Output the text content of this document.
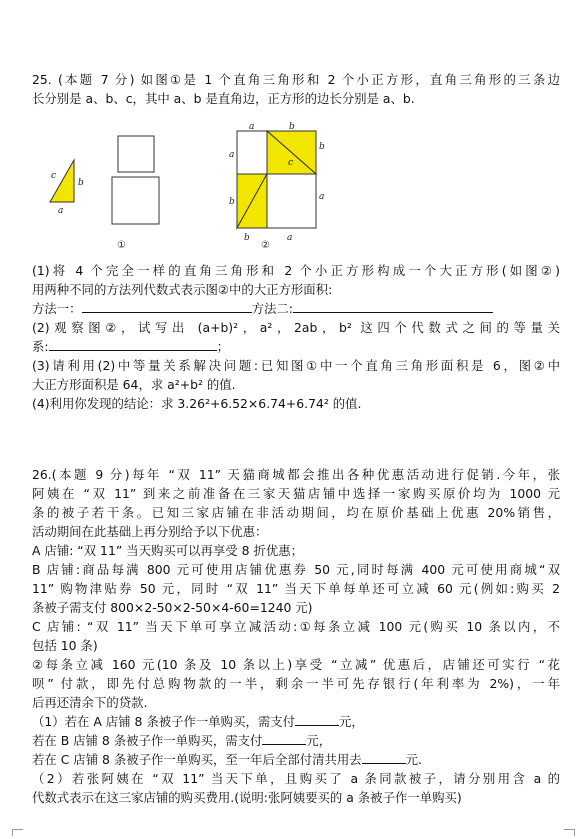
25. (本题 7 分) 如图①是 1 个直角三角形和 2 个小正方形，直角三角形的三条边
长分别是 a、b、c，其中 a、b 是直角边，正方形的边长分别是 a、b.
c
b
a
①
a	b
a
b
b
a
c
b	a
②
(1)将 4 个完全一样的直角三角形和 2 个小正方形构成一个大正方形(如图②)
用两种不同的方法列代数式表示图②中的大正方形面积:
方法一：	方法二:
(2)观察图②，试写出 (a+b)²，a²，2ab，b² 这四个代数式之间的等量关
系:	；
(3)请利用(2)中等量关系解决问题:已知图①中一个直角三角形面积是 6，图②中
大正方形面积是 64，求 a²+b² 的值.
(4)利用你发现的结论：求 3.26²+6.52×6.74+6.74² 的值.
26.(本题 9 分)每年 “双 11” 天猫商城都会推出各种优惠活动进行促销.今年，张
阿姨在 “双 11” 到来之前准备在三家天猫店铺中选择一家购买原价均为 1000 元
条的被子若干条。已知三家店铺在非活动期间，均在原价基础上优惠 20%销售，
活动期间在此基础上再分别给予以下优惠：
A 店铺: “双 11” 当天购买可以再享受 8 折优惠；
B 店铺:商品每满 800 元可使用店铺优惠券 50 元,同时每满 400 元可使用商城“双
11” 购物津贴券 50 元，同时 “双 11” 当天下单每单还可立减 60 元(例如:购买 2
条被子需支付 800×2-50×2-50×4-60=1240 元)
C 店铺: “双 11” 当天下单可享立减活动:①每条立减 100 元(购买 10 条以内，不
包括 10 条)
②每条立减 160 元(10 条及 10 条以上)享受 “立减” 优惠后，店铺还可实行 “花
呗” 付款，即先付总购物款的一半，剩余一半可先存银行(年利率为 2%)，一年
后再还清余下的贷款.
（1）若在 A 店铺 8 条被子作一单购买，需支付	元，
若在 B 店铺 8 条被子作一单购买，需支付	元，
若在 C 店铺 8 条被子作一单购买，至一年后全部付清共用去	元.
（2）若张阿姨在 “双 11” 当天下单，且购买了 a 条同款被子，请分别用含 a 的
代数式表示在这三家店铺的购买费用.(说明:张阿姨要买的 a 条被子作一单购买)
